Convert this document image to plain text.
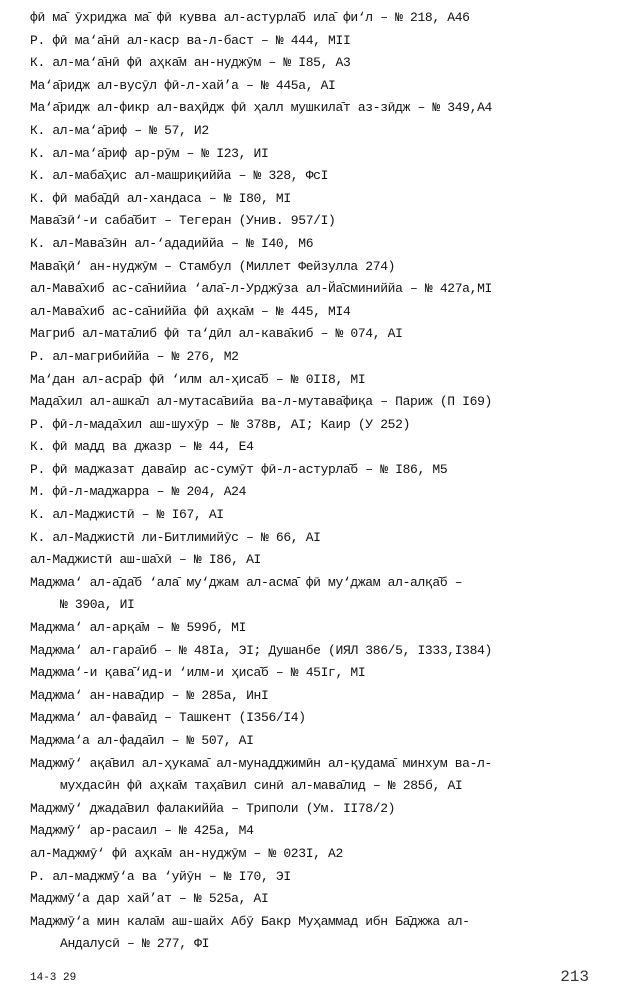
фӣ ма̄ ӯхриджа ма̄ фӣ кувва ал-астурла̄б ила̄ фи‘л – № 218, А46
Р. фӣ ма‘а̄нӣ ал-каср ва-л-баст – № 444, МII
К. ал-ма‘а̄нӣ фӣ аҳка̄м ан-нуджӯм – № I85, А3
Ма‘а̄ридж ал-вусӯл фӣ-л-хай’а – № 445а, АI
Ма‘а̄ридж ал-фикр ал-ваҳӣдж фӣ ҳалл мушкила̄т аз-зӣдж – № 349,А4
К. ал-ма‘а̄риф – № 57, И2
К. ал-ма‘а̄риф ар-рӯм – № I23, ИI
К. ал-маба̄ҳис ал-машриқиййа – № 328, ФсI
К. фӣ маба̄дӣ ал-хандаса – № I80, МI
Мава̄зӣ‘-и саба̄бит – Тегеран (Унив. 957/I)
К. ал-Мава̄зӣн ал-‘ададиййа – № I40, М6
Мава̄қӣ‘ ан-нуджӯм – Стамбул (Миллет Фейзулла 274)
ал-Мава̄хиб ас-са̄нийиа ‘ала̄-л-Урджӯза ал-Йа̄сминиййа – № 427а,МI
ал-Мава̄хиб ас-са̄ниййа фӣ аҳка̄м – № 445, МI4
Магриб ал-мата̄либ фӣ та‘дӣл ал-кава̄киб – № 074, АI
Р. ал-магрибиййа – № 276, М2
Ма‘дан ал-асра̄р фӣ ‘илм ал-ҳиса̄б – № 0II8, МI
Мада̄хил ал-ашка̄л ал-мутаса̄вийа ва-л-мутава̄фиқа – Париж (П I69)
Р. фӣ-л-мада̄хил аш-шухӯр – № 378в, АI; Каир (У 252)
К. фӣ мадд ва джазр – № 44, Е4
Р. фӣ маджазат дава̄ир ас-сумӯт фӣ-л-астурла̄б – № I86, М5
М. фӣ-л-маджарра – № 204, А24
К. ал-Маджистӣ – № I67, АI
К. ал-Маджистӣ ли-Битлимийӯс – № 66, АI
ал-Маджистӣ аш-ша̄хӣ – № I86, АI
Маджма‘ ал-а̄да̄б ‘ала̄ му‘джам ал-асма̄ фӣ му‘джам ал-алқа̄б –
№ 390а, ИI
Маджма‘ ал-арқа̄м – № 599б, МI
Маджма‘ ал-гара̄иб – № 48Iа, ЭI; Душанбе (ИЯЛ 386/5, I333,I384)
Маджма‘-и қава̄‘ид-и ‘илм-и ҳиса̄б – № 45Iг, МI
Маджма‘ ан-нава̄дир – № 285а, ИнI
Маджма‘ ал-фава̄ид – Ташкент (I356/I4)
Маджма‘а ал-фада̄ил – № 507, АI
Маджмӯ‘ ақа̄вил ал-ҳукама̄ ал-мунадджимӣн ал-қудама̄ минхум ва-л-
мухдасӣн фӣ аҳка̄м таҳа̄вил синӣ ал-мава̄лид – № 285б, АI
Маджмӯ‘ джада̄вил фалакиййа – Триполи (Ум. II78/2)
Маджмӯ‘ ар-расаил – № 425а, М4
ал-Маджмӯ‘ фӣ аҳка̄м ан-нуджӯм – № 023I, А2
Р. ал-маджмӯ‘а ва ‘уйӯн – № I70, ЭI
Маджмӯ‘а дар хай’ат – № 525а, АI
Маджмӯ‘а мин кала̄м аш-шайх Абӯ Бакр Муҳаммад ибн Ба̄джжа ал-
Андалусӣ – № 277, ФI
14-3 29	213
